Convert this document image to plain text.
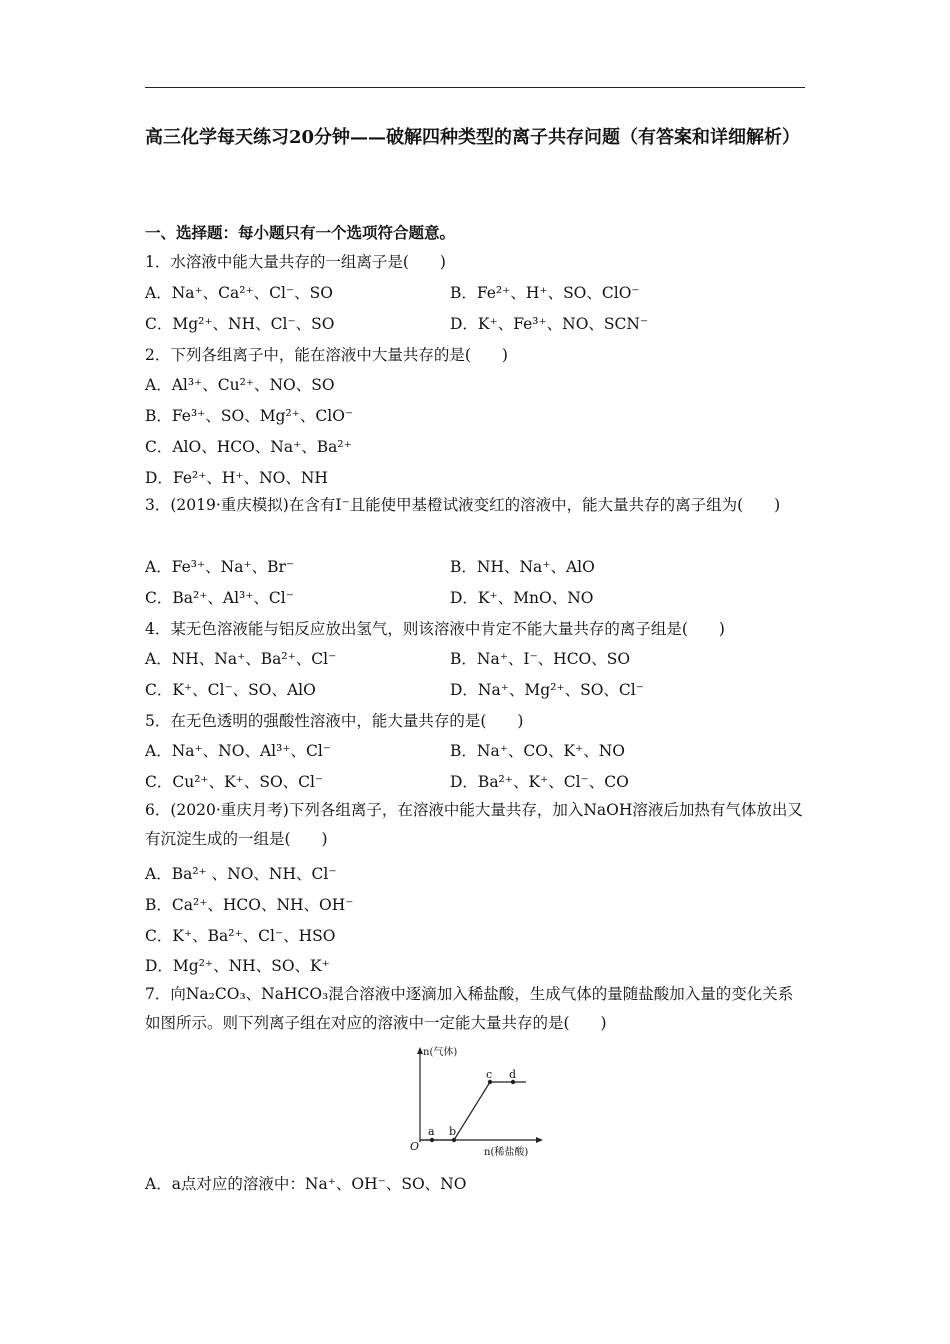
高三化学每天练习20分钟——破解四种类型的离子共存问题（有答案和详细解析）
一、选择题：每小题只有一个选项符合题意。
1．水溶液中能大量共存的一组离子是(　　)
A．Na⁺、Ca²⁺、Cl⁻、SO	B．Fe²⁺、H⁺、SO、ClO⁻
C．Mg²⁺、NH、Cl⁻、SO	D．K⁺、Fe³⁺、NO、SCN⁻
2．下列各组离子中，能在溶液中大量共存的是(　　)
A．Al³⁺、Cu²⁺、NO、SO
B．Fe³⁺、SO、Mg²⁺、ClO⁻
C．AlO、HCO、Na⁺、Ba²⁺
D．Fe²⁺、H⁺、NO、NH
3．(2019·重庆模拟)在含有I⁻且能使甲基橙试液变红的溶液中，能大量共存的离子组为(　　)
A．Fe³⁺、Na⁺、Br⁻	B．NH、Na⁺、AlO
C．Ba²⁺、Al³⁺、Cl⁻	D．K⁺、MnO、NO
4．某无色溶液能与铝反应放出氢气，则该溶液中肯定不能大量共存的离子组是(　　)
A．NH、Na⁺、Ba²⁺、Cl⁻	B．Na⁺、I⁻、HCO、SO
C．K⁺、Cl⁻、SO、AlO	D．Na⁺、Mg²⁺、SO、Cl⁻
5．在无色透明的强酸性溶液中，能大量共存的是(　　)
A．Na⁺、NO、Al³⁺、Cl⁻	B．Na⁺、CO、K⁺、NO
C．Cu²⁺、K⁺、SO、Cl⁻	D．Ba²⁺、K⁺、Cl⁻、CO
6．(2020·重庆月考)下列各组离子，在溶液中能大量共存，加入NaOH溶液后加热有气体放出又有沉淀生成的一组是(　　)
A．Ba²⁺ 、NO、NH、Cl⁻
B．Ca²⁺、HCO、NH、OH⁻
C．K⁺、Ba²⁺、Cl⁻、HSO
D．Mg²⁺、NH、SO、K⁺
7．向Na₂CO₃、NaHCO₃混合溶液中逐滴加入稀盐酸，生成气体的量随盐酸加入量的变化关系如图所示。则下列离子组在对应的溶液中一定能大量共存的是(　　)
a b
c d
O
n(气体)
n(稀盐酸)
A．a点对应的溶液中：Na⁺、OH⁻、SO、NO
